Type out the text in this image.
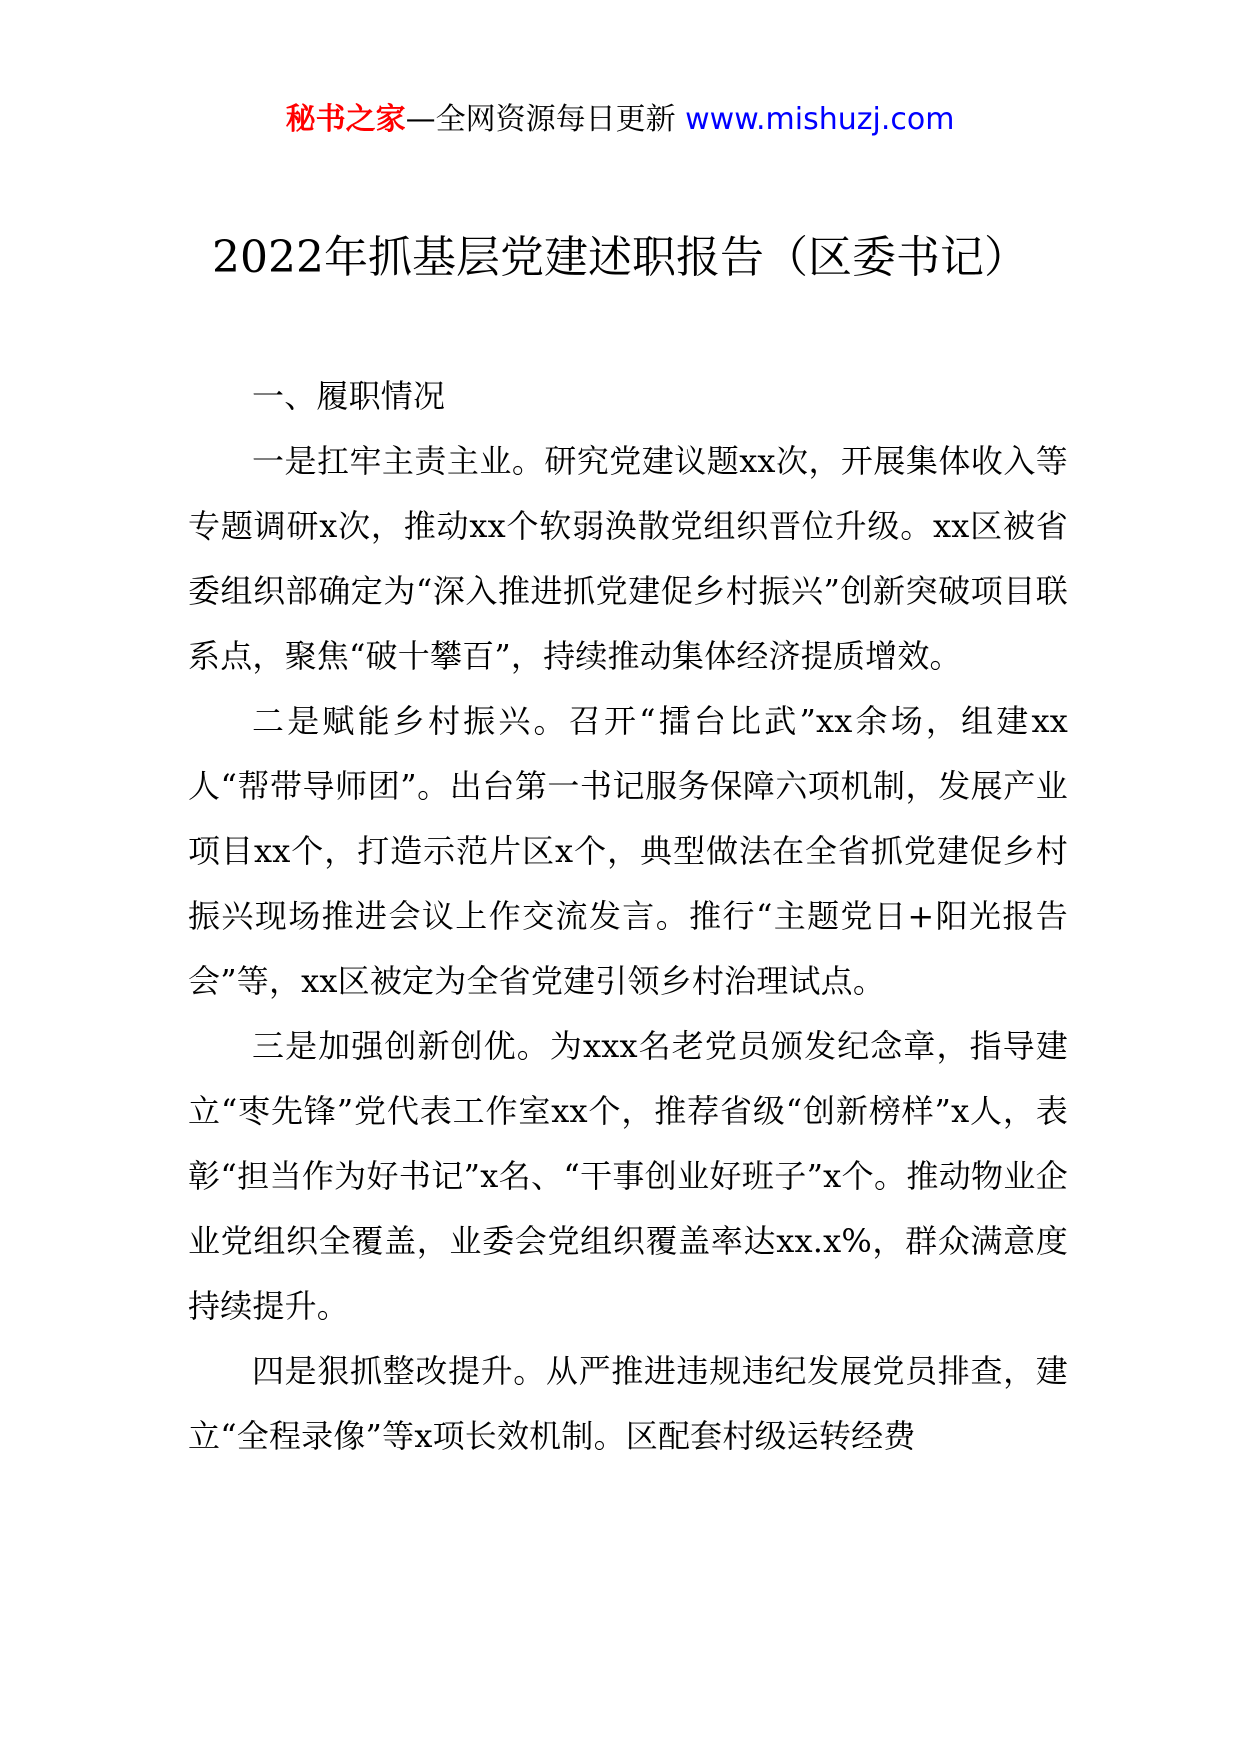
秘书之家—全网资源每日更新 www.mishuzj.com
2022年抓基层党建述职报告（区委书记）

一、履职情况

一是扛牢主责主业。研究党建议题xx次，开展集体收入等专题调研x次，推动xx个软弱涣散党组织晋位升级。xx区被省委组织部确定为“深入推进抓党建促乡村振兴”创新突破项目联系点，聚焦“破十攀百”，持续推动集体经济提质增效。

二是赋能乡村振兴。召开“擂台比武”xx余场，组建xx人“帮带导师团”。出台第一书记服务保障六项机制，发展产业项目xx个，打造示范片区x个，典型做法在全省抓党建促乡村振兴现场推进会议上作交流发言。推行“主题党日+阳光报告会”等，xx区被定为全省党建引领乡村治理试点。

三是加强创新创优。为xxx名老党员颁发纪念章，指导建立“枣先锋”党代表工作室xx个，推荐省级“创新榜样”x人，表彰“担当作为好书记”x名、“干事创业好班子”x个。推动物业企业党组织全覆盖，业委会党组织覆盖率达xx.x%，群众满意度持续提升。

四是狠抓整改提升。从严推进违规违纪发展党员排查，建立“全程录像”等x项长效机制。区配套村级运转经费
